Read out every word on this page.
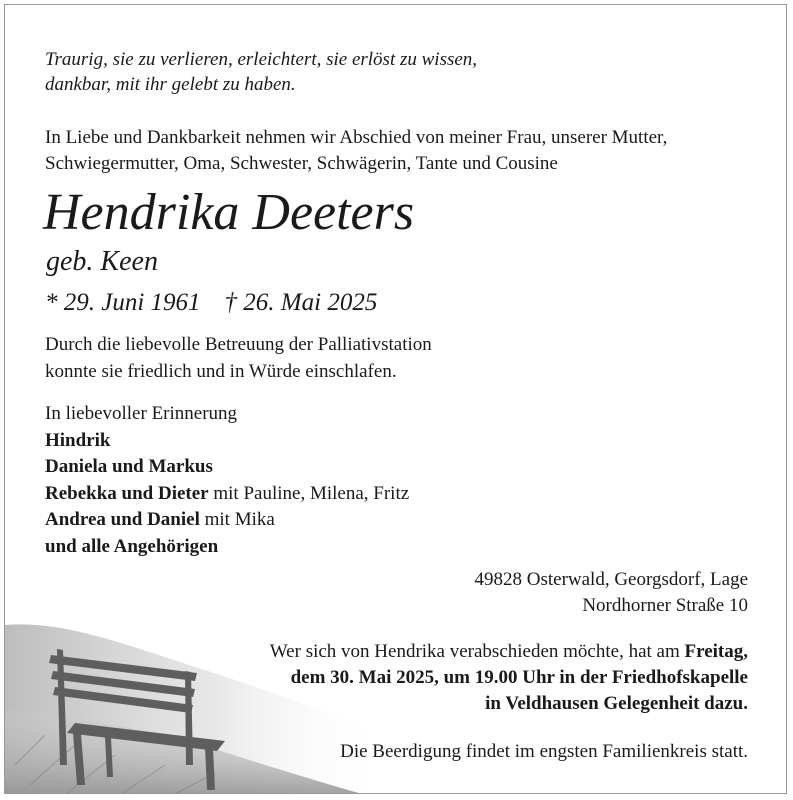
Traurig, sie zu verlieren, erleichtert, sie erlöst zu wissen,
dankbar, mit ihr gelebt zu haben.
In Liebe und Dankbarkeit nehmen wir Abschied von meiner Frau, unserer Mutter,
Schwiegermutter, Oma, Schwester, Schwägerin, Tante und Cousine
Hendrika Deeters
geb. Keen
* 29. Juni 1961 † 26. Mai 2025
Durch die liebevolle Betreuung der Palliativstation
konnte sie friedlich und in Würde einschlafen.
In liebevoller Erinnerung
Hindrik
Daniela und Markus
Rebekka und Dieter mit Pauline, Milena, Fritz
Andrea und Daniel mit Mika
und alle Angehörigen
49828 Osterwald, Georgsdorf, Lage
Nordhorner Straße 10
Wer sich von Hendrika verabschieden möchte, hat am Freitag,
dem 30. Mai 2025, um 19.00 Uhr in der Friedhofskapelle
in Veldhausen Gelegenheit dazu.
Die Beerdigung findet im engsten Familienkreis statt.
